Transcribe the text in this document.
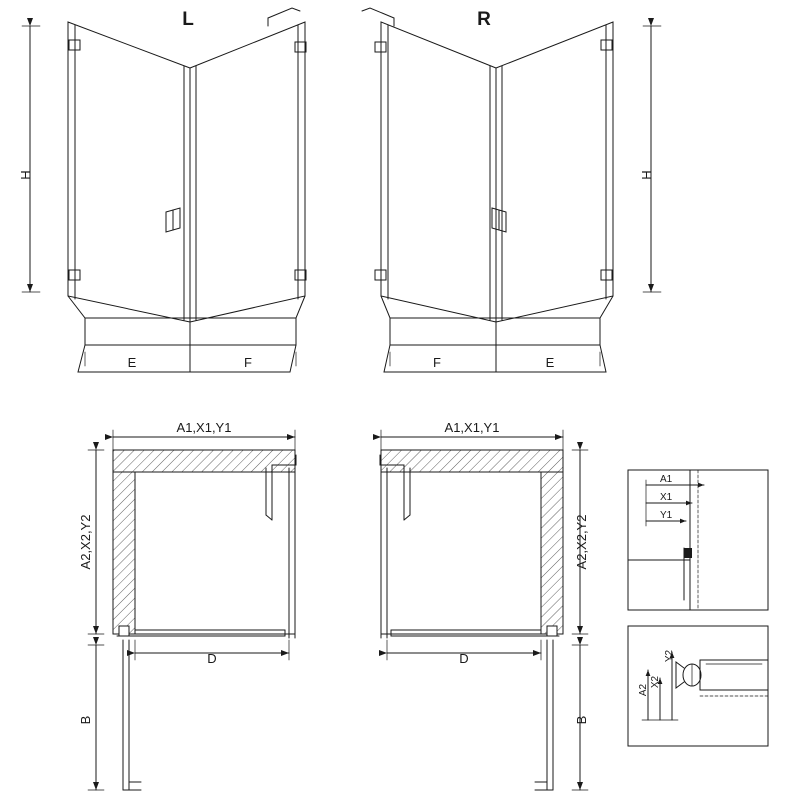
L	R
H	H
E	F	F	E
A1,X1,Y1	A1,X1,Y1
A2,X2,Y2	A2,X2,Y2
D	D
B	B
A1
X1
Y1
A2
X2
Y2
